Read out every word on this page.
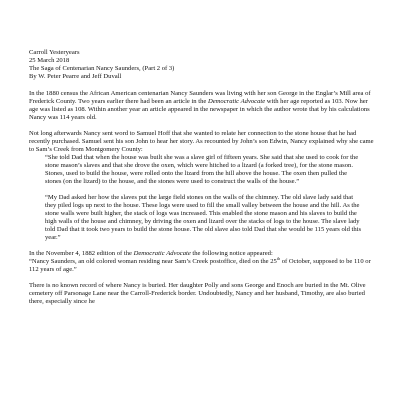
Carroll Yesteryears
25 March 2018
The Saga of Centenarian Nancy Saunders, (Part 2 of 3)
By W. Peter Pearre and Jeff Duvall

In the 1880 census the African American centenarian Nancy Saunders was living with her son George in the Englar’s Mill area of Frederick County. Two years earlier there had been an article in the Democratic Advocate with her age reported as 103. Now her age was listed as 108. Within another year an article appeared in the newspaper in which the author wrote that by his calculations Nancy was 114 years old.

Not long afterwards Nancy sent word to Samuel Hoff that she wanted to relate her connection to the stone house that he had recently purchased. Samuel sent his son John to hear her story. As recounted by John’s son Edwin, Nancy explained why she came to Sam’s Creek from Montgomery County:

“She told Dad that when the house was built she was a slave girl of fifteen years. She said that she used to cook for the stone mason’s slaves and that she drove the oxen, which were hitched to a lizard (a forked tree), for the stone mason. Stones, used to build the house, were rolled onto the lizard from the hill above the house. The oxen then pulled the stones (on the lizard) to the house, and the stones were used to construct the walls of the house.”

“My Dad asked her how the slaves put the large field stones on the walls of the chimney. The old slave lady said that they piled logs up next to the house. These logs were used to fill the small valley between the house and the hill. As the stone walls were built higher, the stack of logs was increased. This enabled the stone mason and his slaves to build the high walls of the house and chimney, by driving the oxen and lizard over the stacks of logs to the house. The slave lady told Dad that it took two years to build the stone house. The old slave also told Dad that she would be 115 years old this year.”

In the November 4, 1882 edition of the Democratic Advocate the following notice appeared:
“Nancy Saunders, an old colored woman residing near Sam’s Creek postoffice, died on the 25th of October, supposed to be 110 or 112 years of age.”

There is no known record of where Nancy is buried. Her daughter Polly and sons George and Enoch are buried in the Mt. Olive cemetery off Parsonage Lane near the Carroll-Frederick border. Undoubtedly, Nancy and her husband, Timothy, are also buried there, especially since he
